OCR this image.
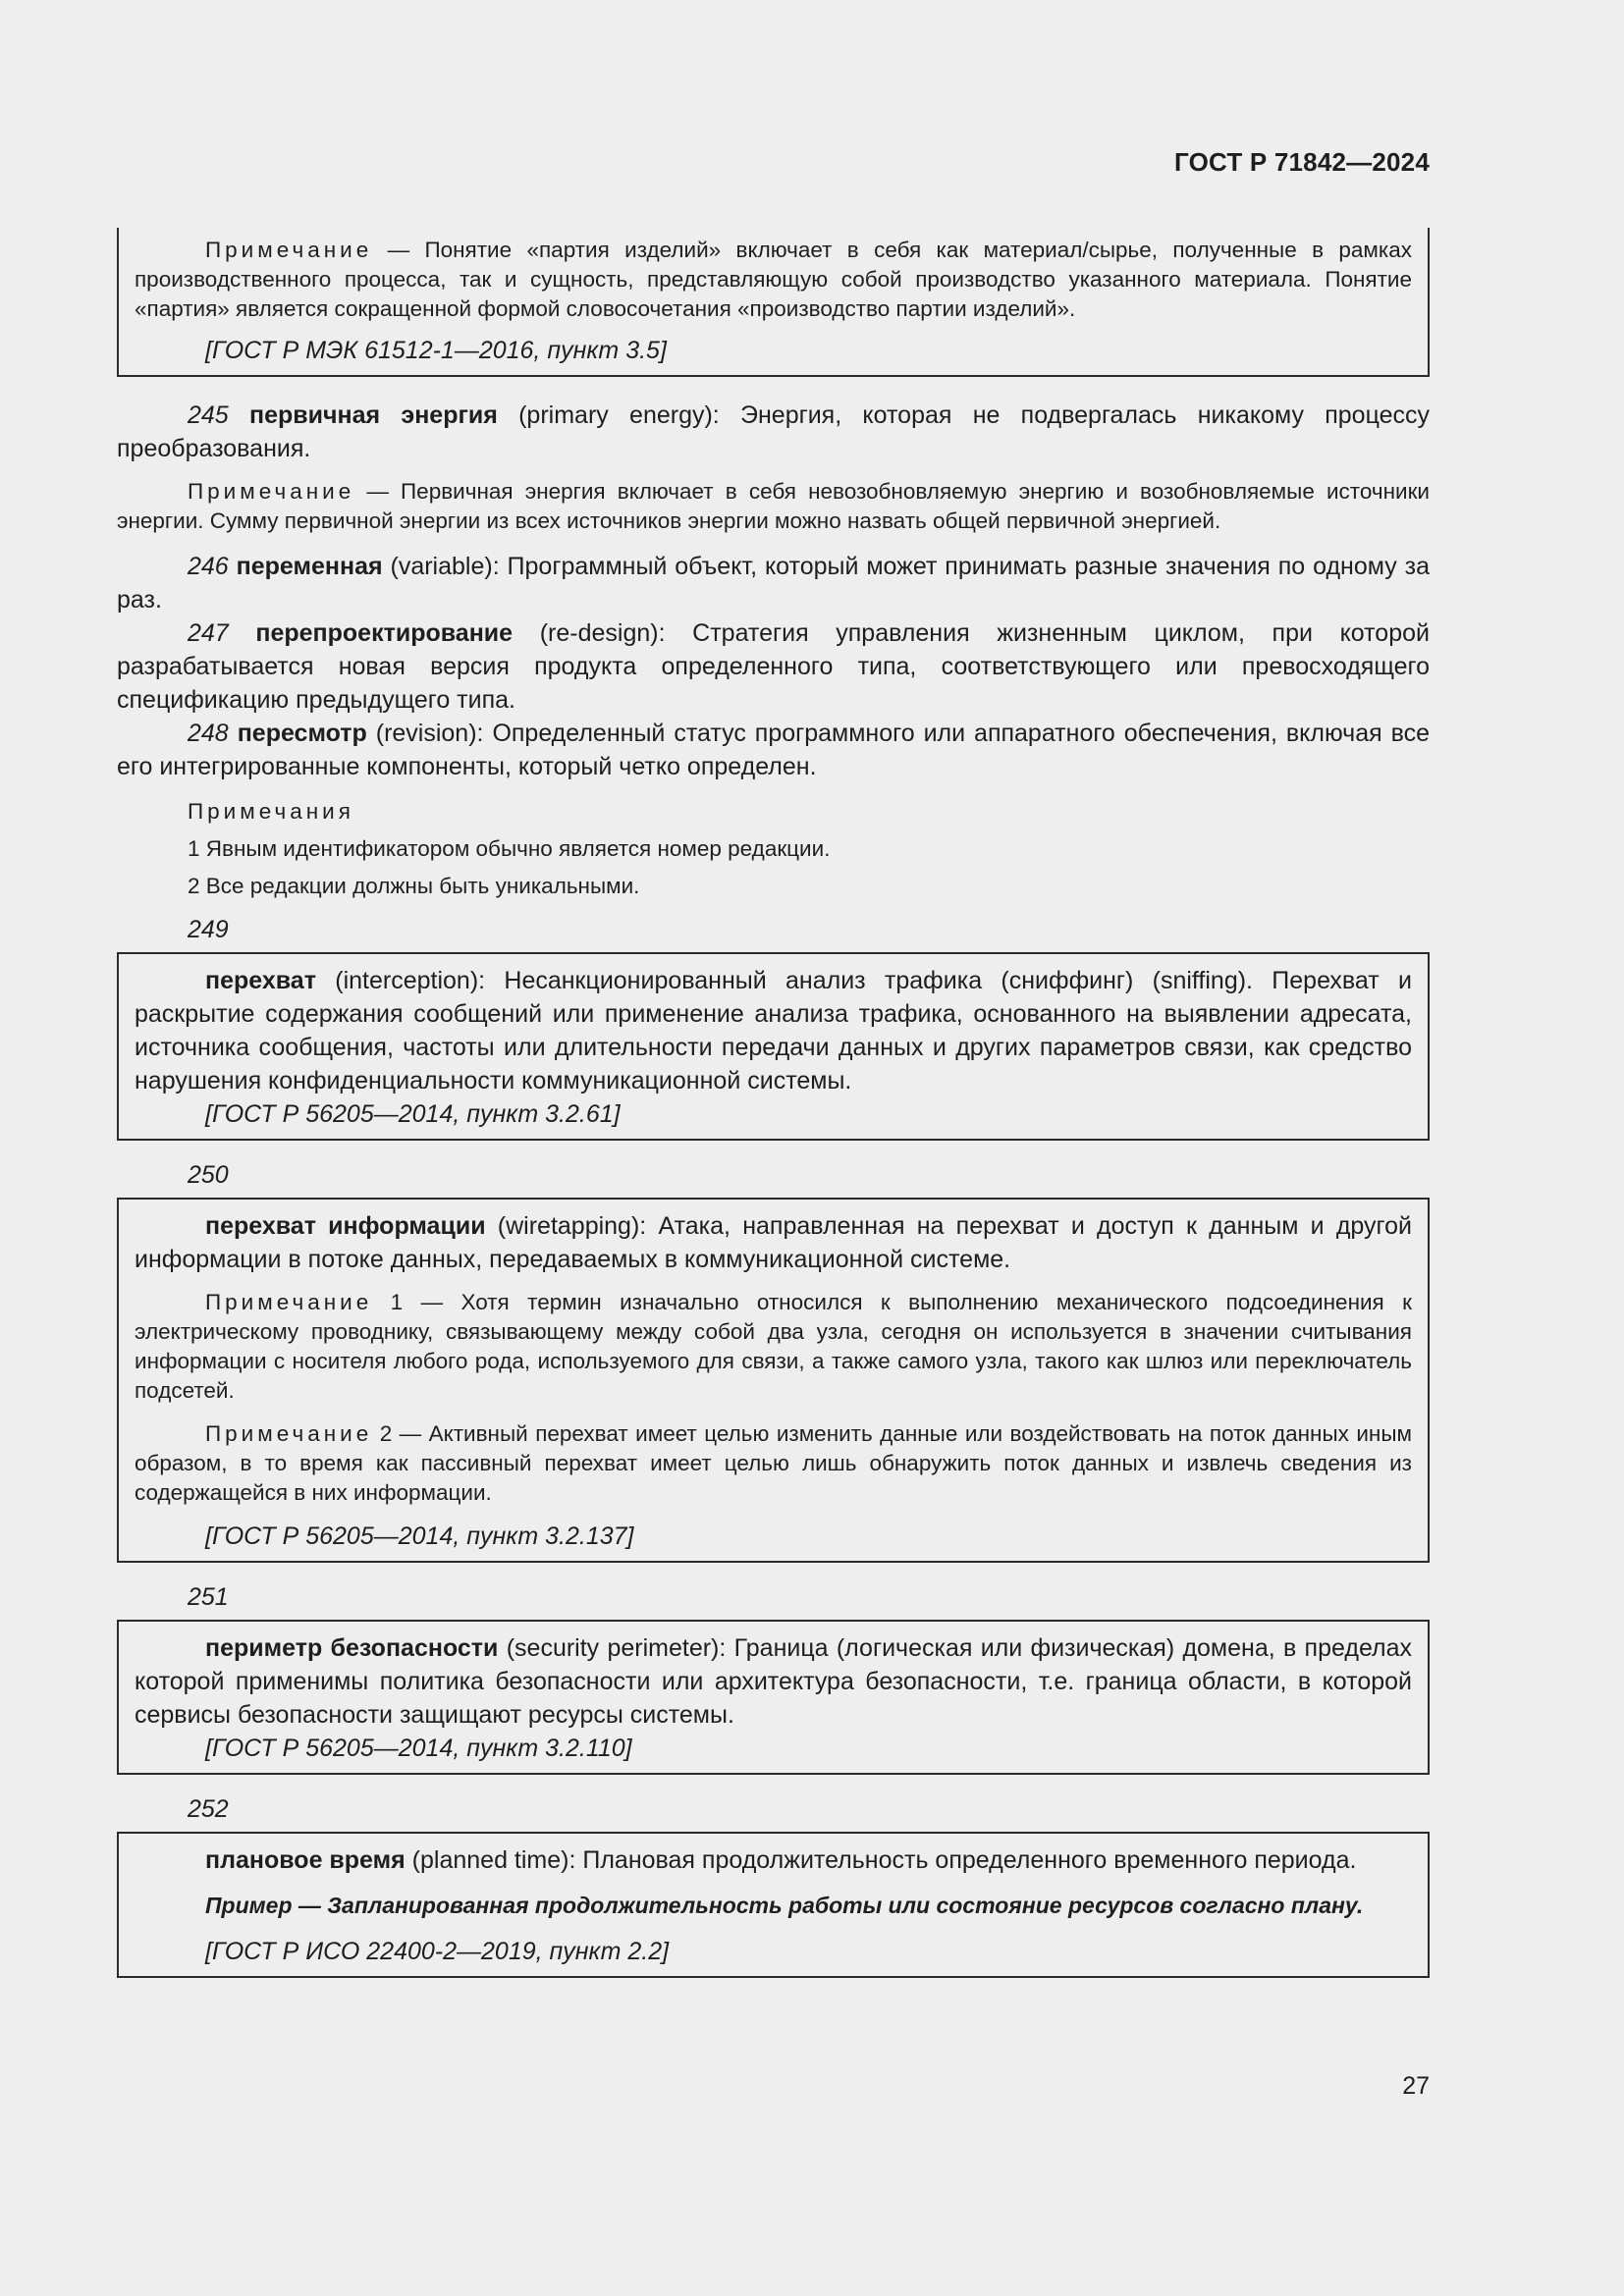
ГОСТ Р 71842—2024

Примечание — Понятие «партия изделий» включает в себя как материал/сырье, полученные в рамках производственного процесса, так и сущность, представляющую собой производство указанного материала. Понятие «партия» является сокращенной формой словосочетания «производство партии изделий».

[ГОСТ Р МЭК 61512-1—2016, пункт 3.5]

245 первичная энергия (primary energy): Энергия, которая не подвергалась никакому процессу преобразования.

Примечание — Первичная энергия включает в себя невозобновляемую энергию и возобновляемые источники энергии. Сумму первичной энергии из всех источников энергии можно назвать общей первичной энергией.

246 переменная (variable): Программный объект, который может принимать разные значения по одному за раз.

247 перепроектирование (re-design): Стратегия управления жизненным циклом, при которой разрабатывается новая версия продукта определенного типа, соответствующего или превосходящего спецификацию предыдущего типа.

248 пересмотр (revision): Определенный статус программного или аппаратного обеспечения, включая все его интегрированные компоненты, который четко определен.

Примечания

1 Явным идентификатором обычно является номер редакции.

2 Все редакции должны быть уникальными.

249

перехват (interception): Несанкционированный анализ трафика (сниффинг) (sniffing). Перехват и раскрытие содержания сообщений или применение анализа трафика, основанного на выявлении адресата, источника сообщения, частоты или длительности передачи данных и других параметров связи, как средство нарушения конфиденциальности коммуникационной системы.

[ГОСТ Р 56205—2014, пункт 3.2.61]

250

перехват информации (wiretapping): Атака, направленная на перехват и доступ к данным и другой информации в потоке данных, передаваемых в коммуникационной системе.

Примечание 1 — Хотя термин изначально относился к выполнению механического подсоединения к электрическому проводнику, связывающему между собой два узла, сегодня он используется в значении считывания информации с носителя любого рода, используемого для связи, а также самого узла, такого как шлюз или переключатель подсетей.

Примечание 2 — Активный перехват имеет целью изменить данные или воздействовать на поток данных иным образом, в то время как пассивный перехват имеет целью лишь обнаружить поток данных и извлечь сведения из содержащейся в них информации.

[ГОСТ Р 56205—2014, пункт 3.2.137]

251

периметр безопасности (security perimeter): Граница (логическая или физическая) домена, в пределах которой применимы политика безопасности или архитектура безопасности, т.е. граница области, в которой сервисы безопасности защищают ресурсы системы.

[ГОСТ Р 56205—2014, пункт 3.2.110]

252

плановое время (planned time): Плановая продолжительность определенного временного периода.

Пример — Запланированная продолжительность работы или состояние ресурсов согласно плану.

[ГОСТ Р ИСО 22400-2—2019, пункт 2.2]

27
